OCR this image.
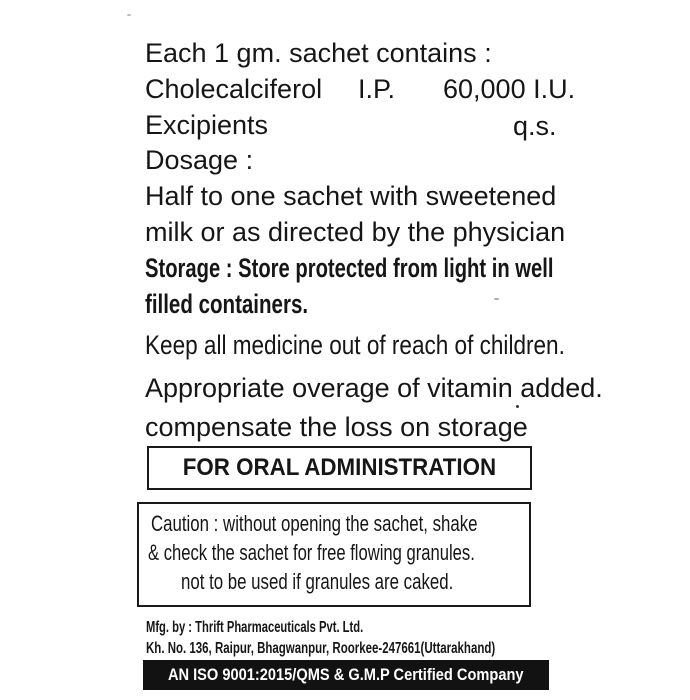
Each 1 gm. sachet contains :
Cholecalciferol I.P. 60,000 I.U.
Excipients	q.s.
Dosage :
Half to one sachet with sweetened
milk or as directed by the physician
Storage : Store protected from light in well
filled containers.
Keep all medicine out of reach of children.
Appropriate overage of vitamin added.
compensate the loss on storage
FOR ORAL ADMINISTRATION
Caution : without opening the sachet, shake
& check the sachet for free flowing granules.
not to be used if granules are caked.
Mfg. by : Thrift Pharmaceuticals Pvt. Ltd.
Kh. No. 136, Raipur, Bhagwanpur, Roorkee-247661(Uttarakhand)
AN ISO 9001:2015/QMS & G.M.P Certified Company
